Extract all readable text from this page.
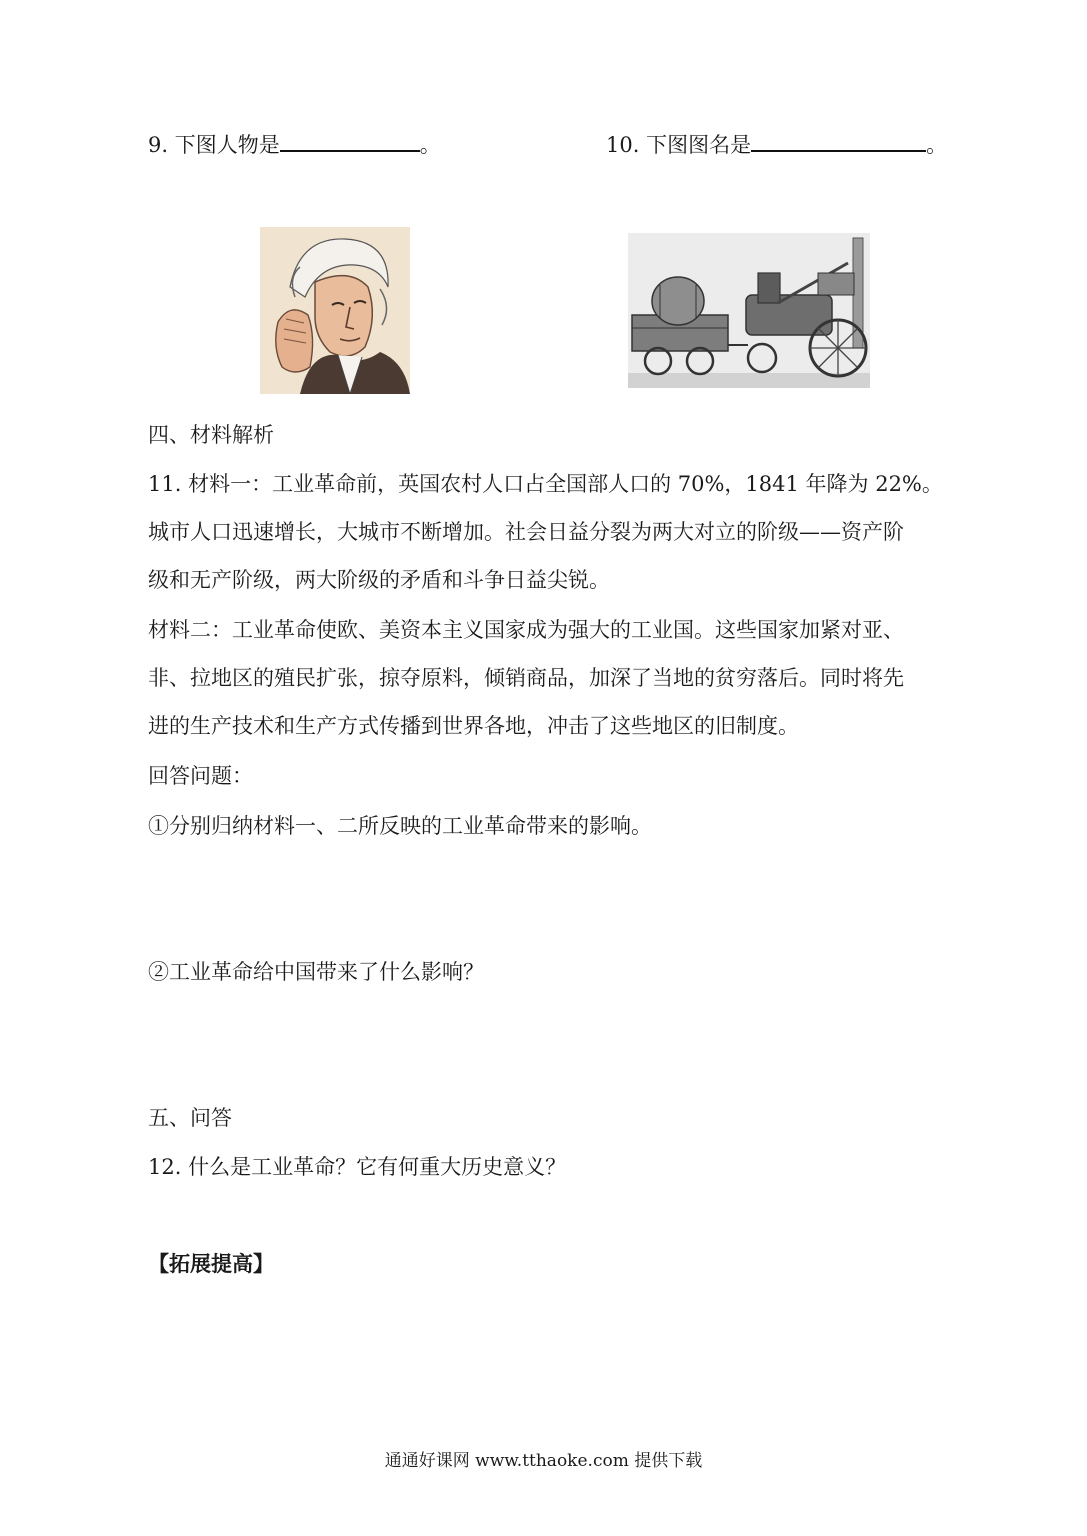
9. 下图人物是	。	10. 下图图名是	。
四、材料解析
11. 材料一：工业革命前，英国农村人口占全国部人口的 70%，1841 年降为 22%。
城市人口迅速增长，大城市不断增加。社会日益分裂为两大对立的阶级——资产阶
级和无产阶级，两大阶级的矛盾和斗争日益尖锐。
材料二：工业革命使欧、美资本主义国家成为强大的工业国。这些国家加紧对亚、
非、拉地区的殖民扩张，掠夺原料，倾销商品，加深了当地的贫穷落后。同时将先
进的生产技术和生产方式传播到世界各地，冲击了这些地区的旧制度。
回答问题：
①分别归纳材料一、二所反映的工业革命带来的影响。
②工业革命给中国带来了什么影响？
五、问答
12. 什么是工业革命？它有何重大历史意义？
【拓展提高】
通通好课网 www.tthaoke.com 提供下载
